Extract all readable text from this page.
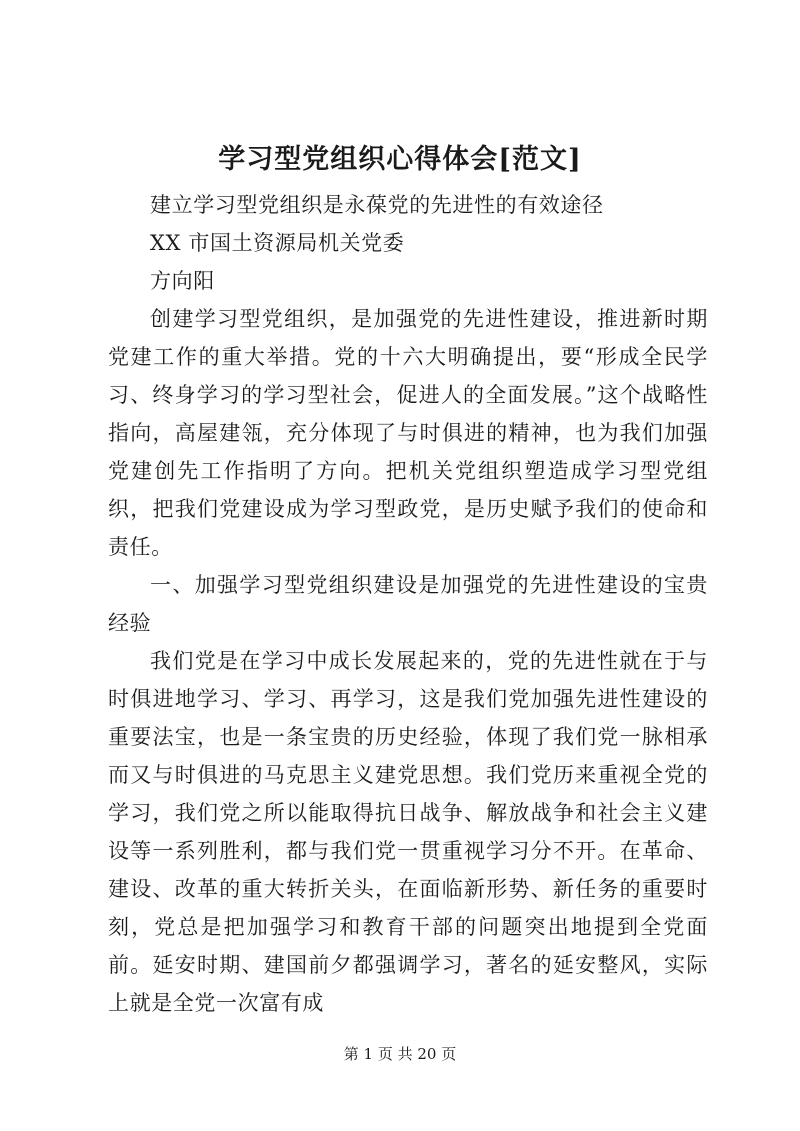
学习型党组织心得体会[范文]

建立学习型党组织是永葆党的先进性的有效途径

XX 市国土资源局机关党委

方向阳

创建学习型党组织，是加强党的先进性建设，推进新时期党建工作的重大举措。党的十六大明确提出，要“形成全民学习、终身学习的学习型社会，促进人的全面发展。”这个战略性指向，高屋建瓴，充分体现了与时俱进的精神，也为我们加强党建创先工作指明了方向。把机关党组织塑造成学习型党组织，把我们党建设成为学习型政党，是历史赋予我们的使命和责任。

一、加强学习型党组织建设是加强党的先进性建设的宝贵经验

我们党是在学习中成长发展起来的，党的先进性就在于与时俱进地学习、学习、再学习，这是我们党加强先进性建设的重要法宝，也是一条宝贵的历史经验，体现了我们党一脉相承而又与时俱进的马克思主义建党思想。我们党历来重视全党的学习，我们党之所以能取得抗日战争、解放战争和社会主义建设等一系列胜利，都与我们党一贯重视学习分不开。在革命、建设、改革的重大转折关头，在面临新形势、新任务的重要时刻，党总是把加强学习和教育干部的问题突出地提到全党面前。延安时期、建国前夕都强调学习，著名的延安整风，实际上就是全党一次富有成

第 1 页 共 20 页
